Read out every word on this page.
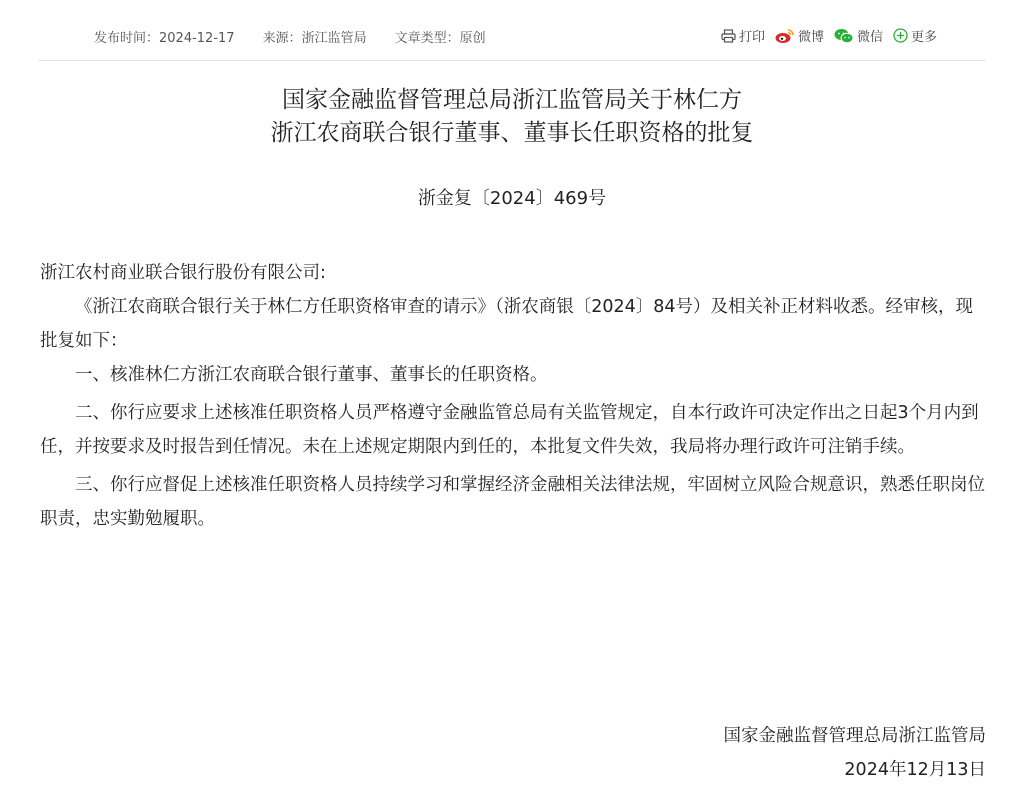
发布时间：2024-12-17 来源：浙江监管局 文章类型：原创	打印	微博	微信 更多
国家金融监督管理总局浙江监管局关于林仁方
浙江农商联合银行董事、董事长任职资格的批复
浙金复〔2024〕469号

浙江农村商业联合银行股份有限公司:

《浙江农商联合银行关于林仁方任职资格审查的请示》（浙农商银〔2024〕84号）及相关补正材料收悉。经审核，现批复如下：

一、核准林仁方浙江农商联合银行董事、董事长的任职资格。

二、你行应要求上述核准任职资格人员严格遵守金融监管总局有关监管规定，自本行政许可决定作出之日起3个月内到任，并按要求及时报告到任情况。未在上述规定期限内到任的，本批复文件失效，我局将办理行政许可注销手续。

三、你行应督促上述核准任职资格人员持续学习和掌握经济金融相关法律法规，牢固树立风险合规意识，熟悉任职岗位职责，忠实勤勉履职。

国家金融监督管理总局浙江监管局
2024年12月13日
